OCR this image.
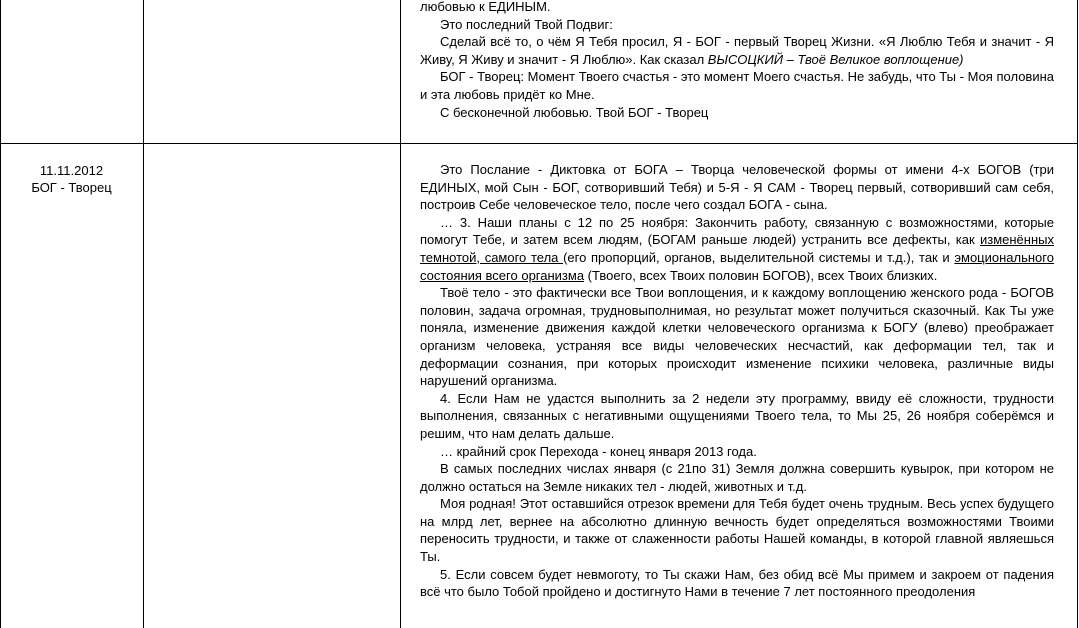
любовью к ЕДИНЫМ.

Это последний Твой Подвиг:

Сделай всё то, о чём Я Тебя просил, Я - БОГ - первый Творец Жизни. «Я Люблю Тебя и значит - Я Живу, Я Живу и значит - Я Люблю». Как сказал ВЫСОЦКИЙ – Твоё Великое воплощение)

БОГ - Творец: Момент Твоего счастья - это момент Моего счастья. Не забудь, что Ты - Моя половина и эта любовь придёт ко Мне.

С бесконечной любовью. Твой БОГ - Творец

11.11.2012
БОГ - Творец

Это Послание - Диктовка от БОГА – Творца человеческой формы от имени 4-х БОГОВ (три ЕДИНЫХ, мой Сын - БОГ, сотворивший Тебя) и 5-Я - Я САМ - Творец первый, сотворивший сам себя, построив Себе человеческое тело, после чего создал БОГА - сына.

… 3. Наши планы с 12 по 25 ноября: Закончить работу, связанную с возможностями, которые помогут Тебе, и затем всем людям, (БОГАМ раньше людей) устранить все дефекты, как изменённых темнотой, самого тела (его пропорций, органов, выделительной системы и т.д.), так и эмоционального состояния всего организма (Твоего, всех Твоих половин БОГОВ), всех Твоих близких.

Твоё тело - это фактически все Твои воплощения, и к каждому воплощению женского рода - БОГОВ половин, задача огромная, трудновыполнимая, но результат может получиться сказочный. Как Ты уже поняла, изменение движения каждой клетки человеческого организма к БОГУ (влево) преображает организм человека, устраняя все виды человеческих несчастий, как деформации тел, так и деформации сознания, при которых происходит изменение психики человека, различные виды нарушений организма.

4. Если Нам не удастся выполнить за 2 недели эту программу, ввиду её сложности, трудности выполнения, связанных с негативными ощущениями Твоего тела, то Мы 25, 26 ноября соберёмся и решим, что нам делать дальше.

… крайний срок Перехода - конец января 2013 года.

В самых последних числах января (с 21по 31) Земля должна совершить кувырок, при котором не должно остаться на Земле никаких тел - людей, животных и т.д.

Моя родная! Этот оставшийся отрезок времени для Тебя будет очень трудным. Весь успех будущего на млрд лет, вернее на абсолютно длинную вечность будет определяться возможностями Твоими переносить трудности, и также от слаженности работы Нашей команды, в которой главной являешься Ты.

5. Если совсем будет невмоготу, то Ты скажи Нам, без обид всё Мы примем и закроем от падения всё что было Тобой пройдено и достигнуто Нами в течение 7 лет постоянного преодоления
